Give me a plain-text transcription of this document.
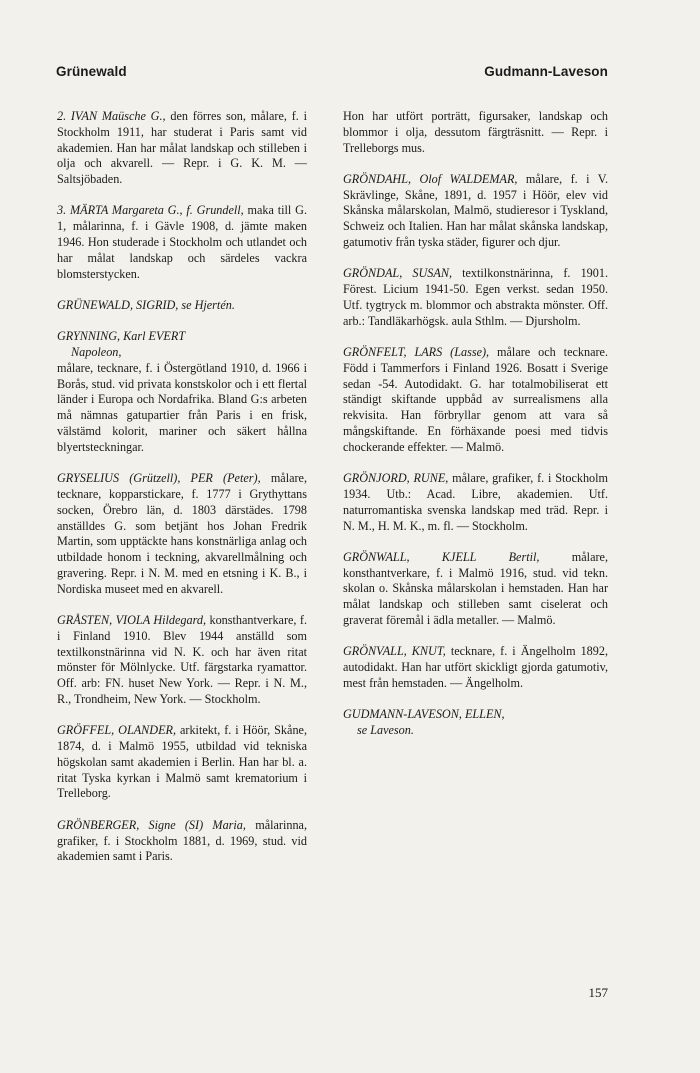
Grünewald	Gudmann-Laveson
2. IVAN Maüsche G., den förres son, målare, f. i Stockholm 1911, har studerat i Paris samt vid akademien. Han har målat landskap och stilleben i olja och akvarell. — Repr. i G. K. M. — Saltsjöbaden.
3. MÄRTA Margareta G., f. Grundell, maka till G. 1, målarinna, f. i Gävle 1908, d. jämte maken 1946. Hon studerade i Stockholm och utlandet och har målat landskap och särdeles vackra blomsterstycken.
GRÜNEWALD, SIGRID, se Hjertén.
GRYNNING, Karl EVERT
Napoleon,
målare, tecknare, f. i Östergötland 1910, d. 1966 i Borås, stud. vid privata konstskolor och i ett flertal länder i Europa och Nordafrika. Bland G:s arbeten må nämnas gatupartier från Paris i en frisk, välstämd kolorit, mariner och säkert hållna blyertsteckningar.
GRYSELIUS (Grützell), PER (Peter), målare, tecknare, kopparstickare, f. 1777 i Grythyttans socken, Örebro län, d. 1803 därstädes. 1798 anställdes G. som betjänt hos Johan Fredrik Martin, som upptäckte hans konstnärliga anlag och utbildade honom i teckning, akvarellmålning och gravering. Repr. i N. M. med en etsning i K. B., i Nordiska museet med en akvarell.
GRÅSTEN, VIOLA Hildegard, konsthantverkare, f. i Finland 1910. Blev 1944 anställd som textilkonstnärinna vid N. K. och har även ritat mönster för Mölnlycke. Utf. färgstarka ryamattor. Off. arb: FN. huset New York. — Repr. i N. M., R., Trondheim, New York. — Stockholm.
GRÖFFEL, OLANDER, arkitekt, f. i Höör, Skåne, 1874, d. i Malmö 1955, utbildad vid tekniska högskolan samt akademien i Berlin. Han har bl. a. ritat Tyska kyrkan i Malmö samt krematorium i Trelleborg.
GRÖNBERGER, Signe (SI) Maria, målarinna, grafiker, f. i Stockholm 1881, d. 1969, stud. vid akademien samt i Paris.
Hon har utfört porträtt, figursaker, landskap och blommor i olja, dessutom färgträsnitt. — Repr. i Trelleborgs mus.
GRÖNDAHL, Olof WALDEMAR, målare, f. i V. Skrävlinge, Skåne, 1891, d. 1957 i Höör, elev vid Skånska målarskolan, Malmö, studieresor i Tyskland, Schweiz och Italien. Han har målat skånska landskap, gatumotiv från tyska städer, figurer och djur.
GRÖNDAL, SUSAN, textilkonstnärinna, f. 1901. Förest. Licium 1941-50. Egen verkst. sedan 1950. Utf. tygtryck m. blommor och abstrakta mönster. Off. arb.: Tandläkarhögsk. aula Sthlm. — Djursholm.
GRÖNFELT, LARS (Lasse), målare och tecknare. Född i Tammerfors i Finland 1926. Bosatt i Sverige sedan -54. Autodidakt. G. har totalmobiliserat ett ständigt skiftande uppbåd av surrealismens alla rekvisita. Han förbryllar genom att vara så mångskiftande. En förhäxande poesi med tidvis chockerande effekter. — Malmö.
GRÖNJORD, RUNE, målare, grafiker, f. i Stockholm 1934. Utb.: Acad. Libre, akademien. Utf. naturromantiska svenska landskap med träd. Repr. i N. M., H. M. K., m. fl. — Stockholm.
GRÖNWALL, KJELL Bertil,	målare, konsthantverkare, f. i Malmö 1916, stud. vid tekn. skolan o. Skånska målarskolan i hemstaden. Han har målat landskap och stilleben samt ciselerat och graverat föremål i ädla metaller. — Malmö.
GRÖNVALL, KNUT, tecknare, f. i Ängelholm 1892, autodidakt. Han har utfört skickligt gjorda gatumotiv, mest från hemstaden. — Ängelholm.
GUDMANN-LAVESON, ELLEN,
se Laveson.
157
